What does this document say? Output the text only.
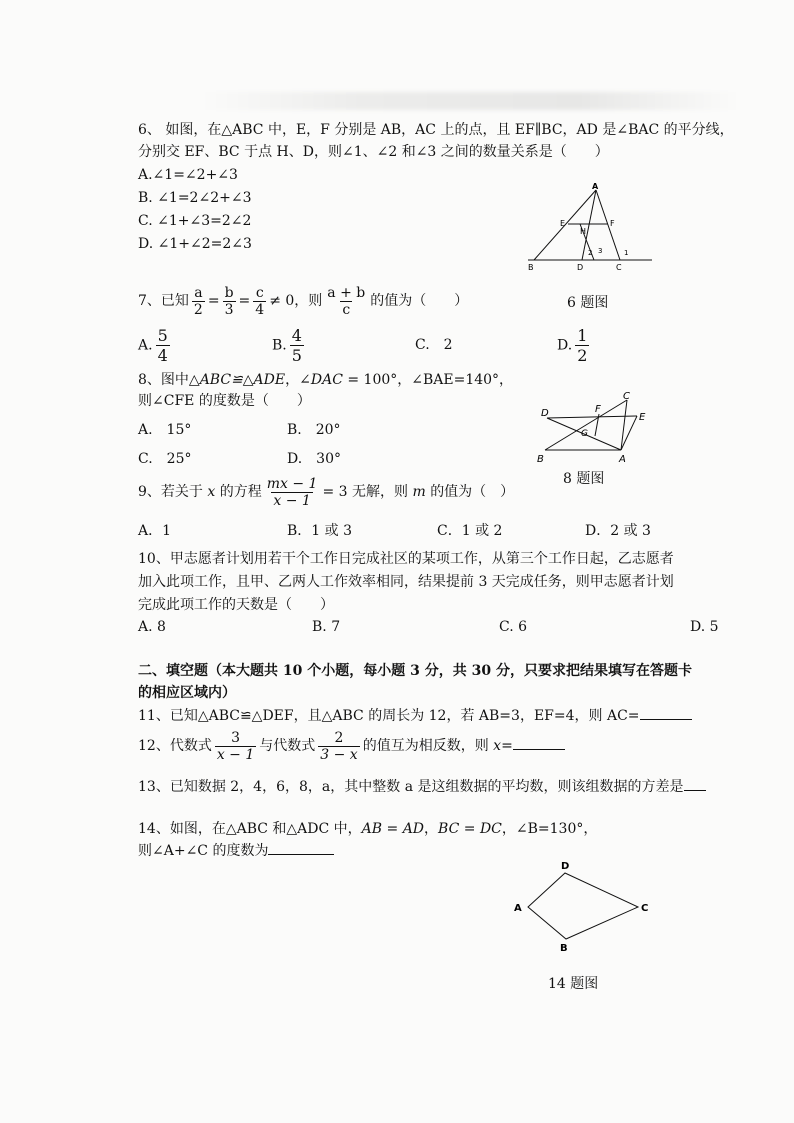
6、 如图，在△ABC 中，E，F 分别是 AB，AC 上的点，且 EF∥BC，AD 是∠BAC 的平分线，
分别交 EF、BC 于点 H、D，则∠1、∠2 和∠3 之间的数量关系是（　　）
A.∠1=∠2+∠3
B. ∠1=2∠2+∠3
C. ∠1+∠3=2∠2
D. ∠1+∠2=2∠3
A
E	F
H
2 3	1
B	D	C
7、已知 $\frac{a}{2} = \frac{b}{3} = \frac{c}{4} \ne 0$，则 $\frac{a + b}{c}$ 的值为（　　）	6 题图
A. $\frac{5}{4}$	B. $\frac{4}{5}$	C.　2	D. $\frac{1}{2}$
8、图中△ABC≌△ADE，∠DAC = 100°，∠BAE=140°，
则∠CFE 的度数是（　　）
A.　15°	B.　20°
C.　25°	D.　30°
D	F
C
E
G
B	A
8 题图
9、若关于 x 的方程 $\frac{mx - 1}{x - 1} = 3$ 无解，则 m 的值为（　）
A．1	B．1 或 3	C．1 或 2	D．2 或 3
10、甲志愿者计划用若干个工作日完成社区的某项工作，从第三个工作日起，乙志愿者
加入此项工作，且甲、乙两人工作效率相同，结果提前 3 天完成任务，则甲志愿者计划
完成此项工作的天数是（　　）
A. 8	B. 7	C. 6	D. 5
二、填空题（本大题共 10 个小题，每小题 3 分，共 30 分，只要求把结果填写在答题卡
的相应区域内）
11、已知△ABC≌△DEF，且△ABC 的周长为 12，若 AB=3，EF=4，则 AC=
12、代数式 $\frac{3}{x - 1}$ 与代数式 $\frac{2}{3 - x}$ 的值互为相反数，则 x=
13、已知数据 2，4，6，8，a，其中整数 a 是这组数据的平均数，则该组数据的方差是
14、如图，在△ABC 和△ADC 中，AB = AD，BC = DC，∠B=130°，
则∠A+∠C 的度数为
D
A	C
B
14 题图
